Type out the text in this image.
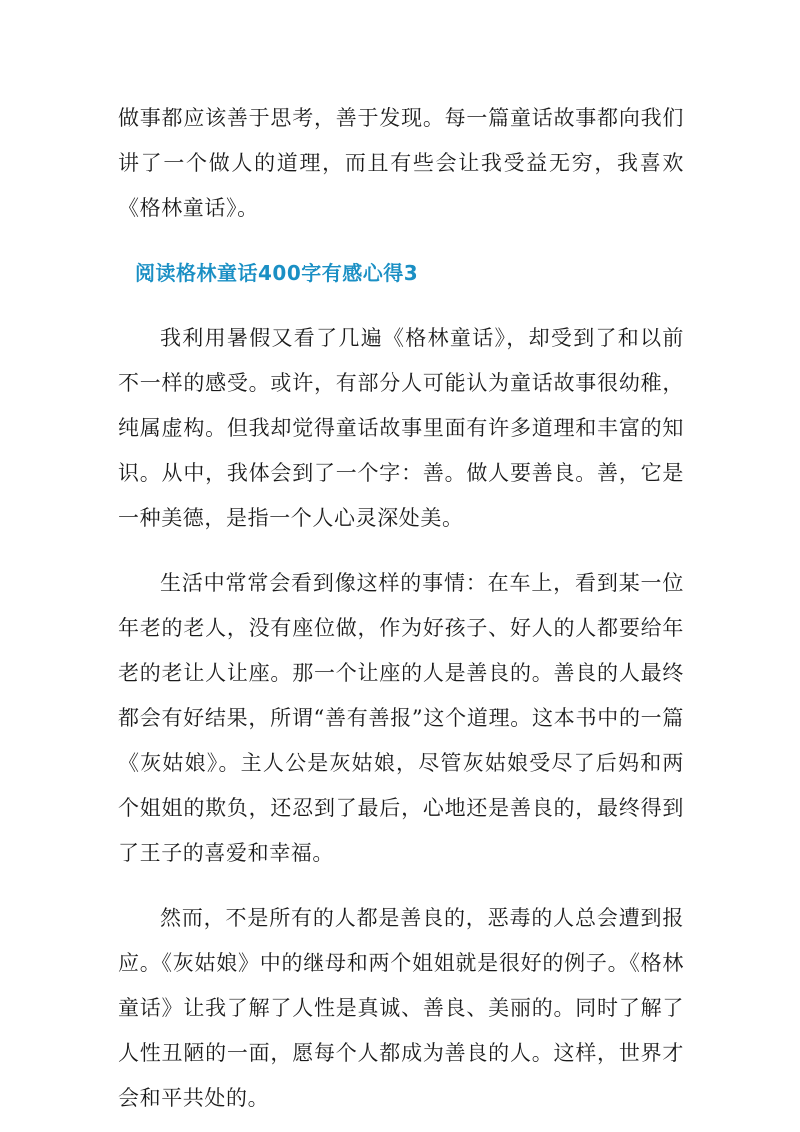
做事都应该善于思考，善于发现。每一篇童话故事都向我们讲了一个做人的道理，而且有些会让我受益无穷，我喜欢《格林童话》。

阅读格林童话400字有感心得3

我利用暑假又看了几遍《格林童话》，却受到了和以前不一样的感受。或许，有部分人可能认为童话故事很幼稚，纯属虚构。但我却觉得童话故事里面有许多道理和丰富的知识。从中，我体会到了一个字：善。做人要善良。善，它是一种美德，是指一个人心灵深处美。

生活中常常会看到像这样的事情：在车上，看到某一位年老的老人，没有座位做，作为好孩子、好人的人都要给年老的老让人让座。那一个让座的人是善良的。善良的人最终都会有好结果，所谓“善有善报”这个道理。这本书中的一篇《灰姑娘》。主人公是灰姑娘，尽管灰姑娘受尽了后妈和两个姐姐的欺负，还忍到了最后，心地还是善良的，最终得到了王子的喜爱和幸福。

然而，不是所有的人都是善良的，恶毒的人总会遭到报应。《灰姑娘》中的继母和两个姐姐就是很好的例子。《格林童话》让我了解了人性是真诚、善良、美丽的。同时了解了人性丑陋的一面，愿每个人都成为善良的人。这样，世界才会和平共处的。
